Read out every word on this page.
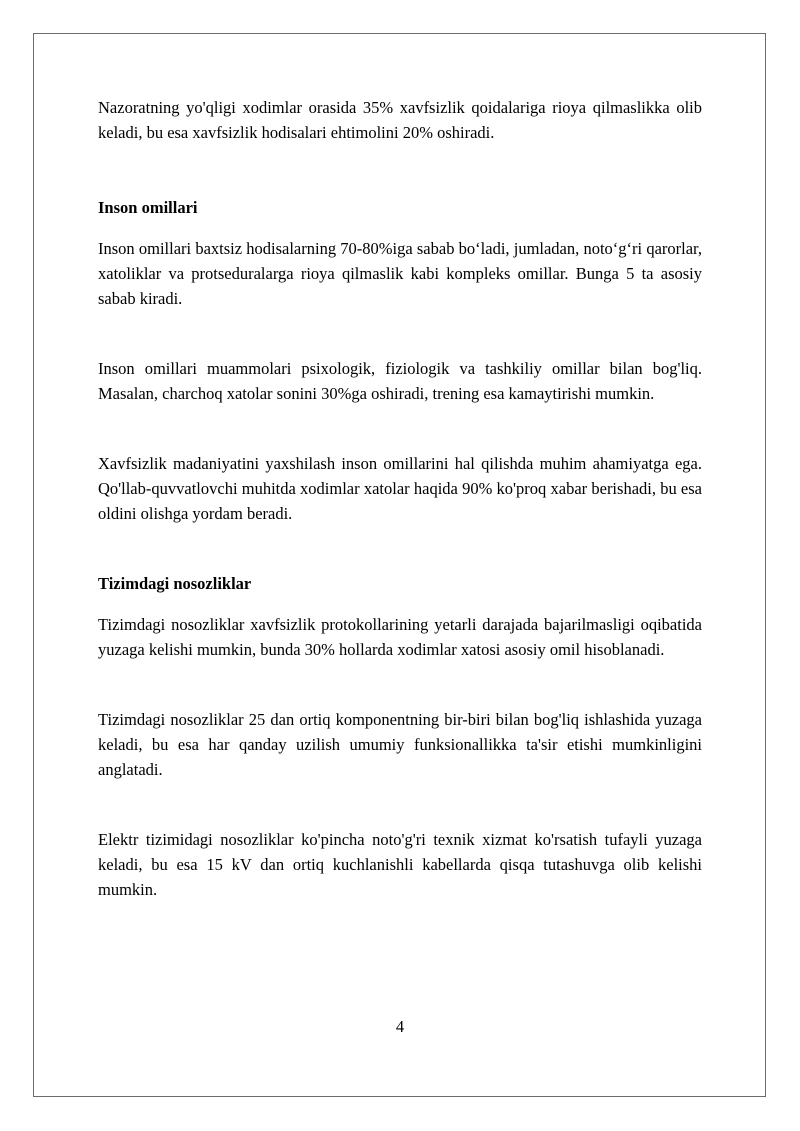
Nazoratning yo'qligi xodimlar orasida 35% xavfsizlik qoidalariga rioya qilmaslikka olib keladi, bu esa xavfsizlik hodisalari ehtimolini 20% oshiradi.

Inson omillari

Inson omillari baxtsiz hodisalarning 70-80%iga sabab bo‘ladi, jumladan, noto‘g‘ri qarorlar, xatoliklar va protseduralarga rioya qilmaslik kabi kompleks omillar. Bunga 5 ta asosiy sabab kiradi.

Inson omillari muammolari psixologik, fiziologik va tashkiliy omillar bilan bog'liq. Masalan, charchoq xatolar sonini 30%ga oshiradi, trening esa kamaytirishi mumkin.

Xavfsizlik madaniyatini yaxshilash inson omillarini hal qilishda muhim ahamiyatga ega. Qo'llab-quvvatlovchi muhitda xodimlar xatolar haqida 90% ko'proq xabar berishadi, bu esa oldini olishga yordam beradi.

Tizimdagi nosozliklar

Tizimdagi nosozliklar xavfsizlik protokollarining yetarli darajada bajarilmasligi oqibatida yuzaga kelishi mumkin, bunda 30% hollarda xodimlar xatosi asosiy omil hisoblanadi.

Tizimdagi nosozliklar 25 dan ortiq komponentning bir-biri bilan bog'liq ishlashida yuzaga keladi, bu esa har qanday uzilish umumiy funksionallikka ta'sir etishi mumkinligini anglatadi.

Elektr tizimidagi nosozliklar ko'pincha noto'g'ri texnik xizmat ko'rsatish tufayli yuzaga keladi, bu esa 15 kV dan ortiq kuchlanishli kabellarda qisqa tutashuvga olib kelishi mumkin.

4
